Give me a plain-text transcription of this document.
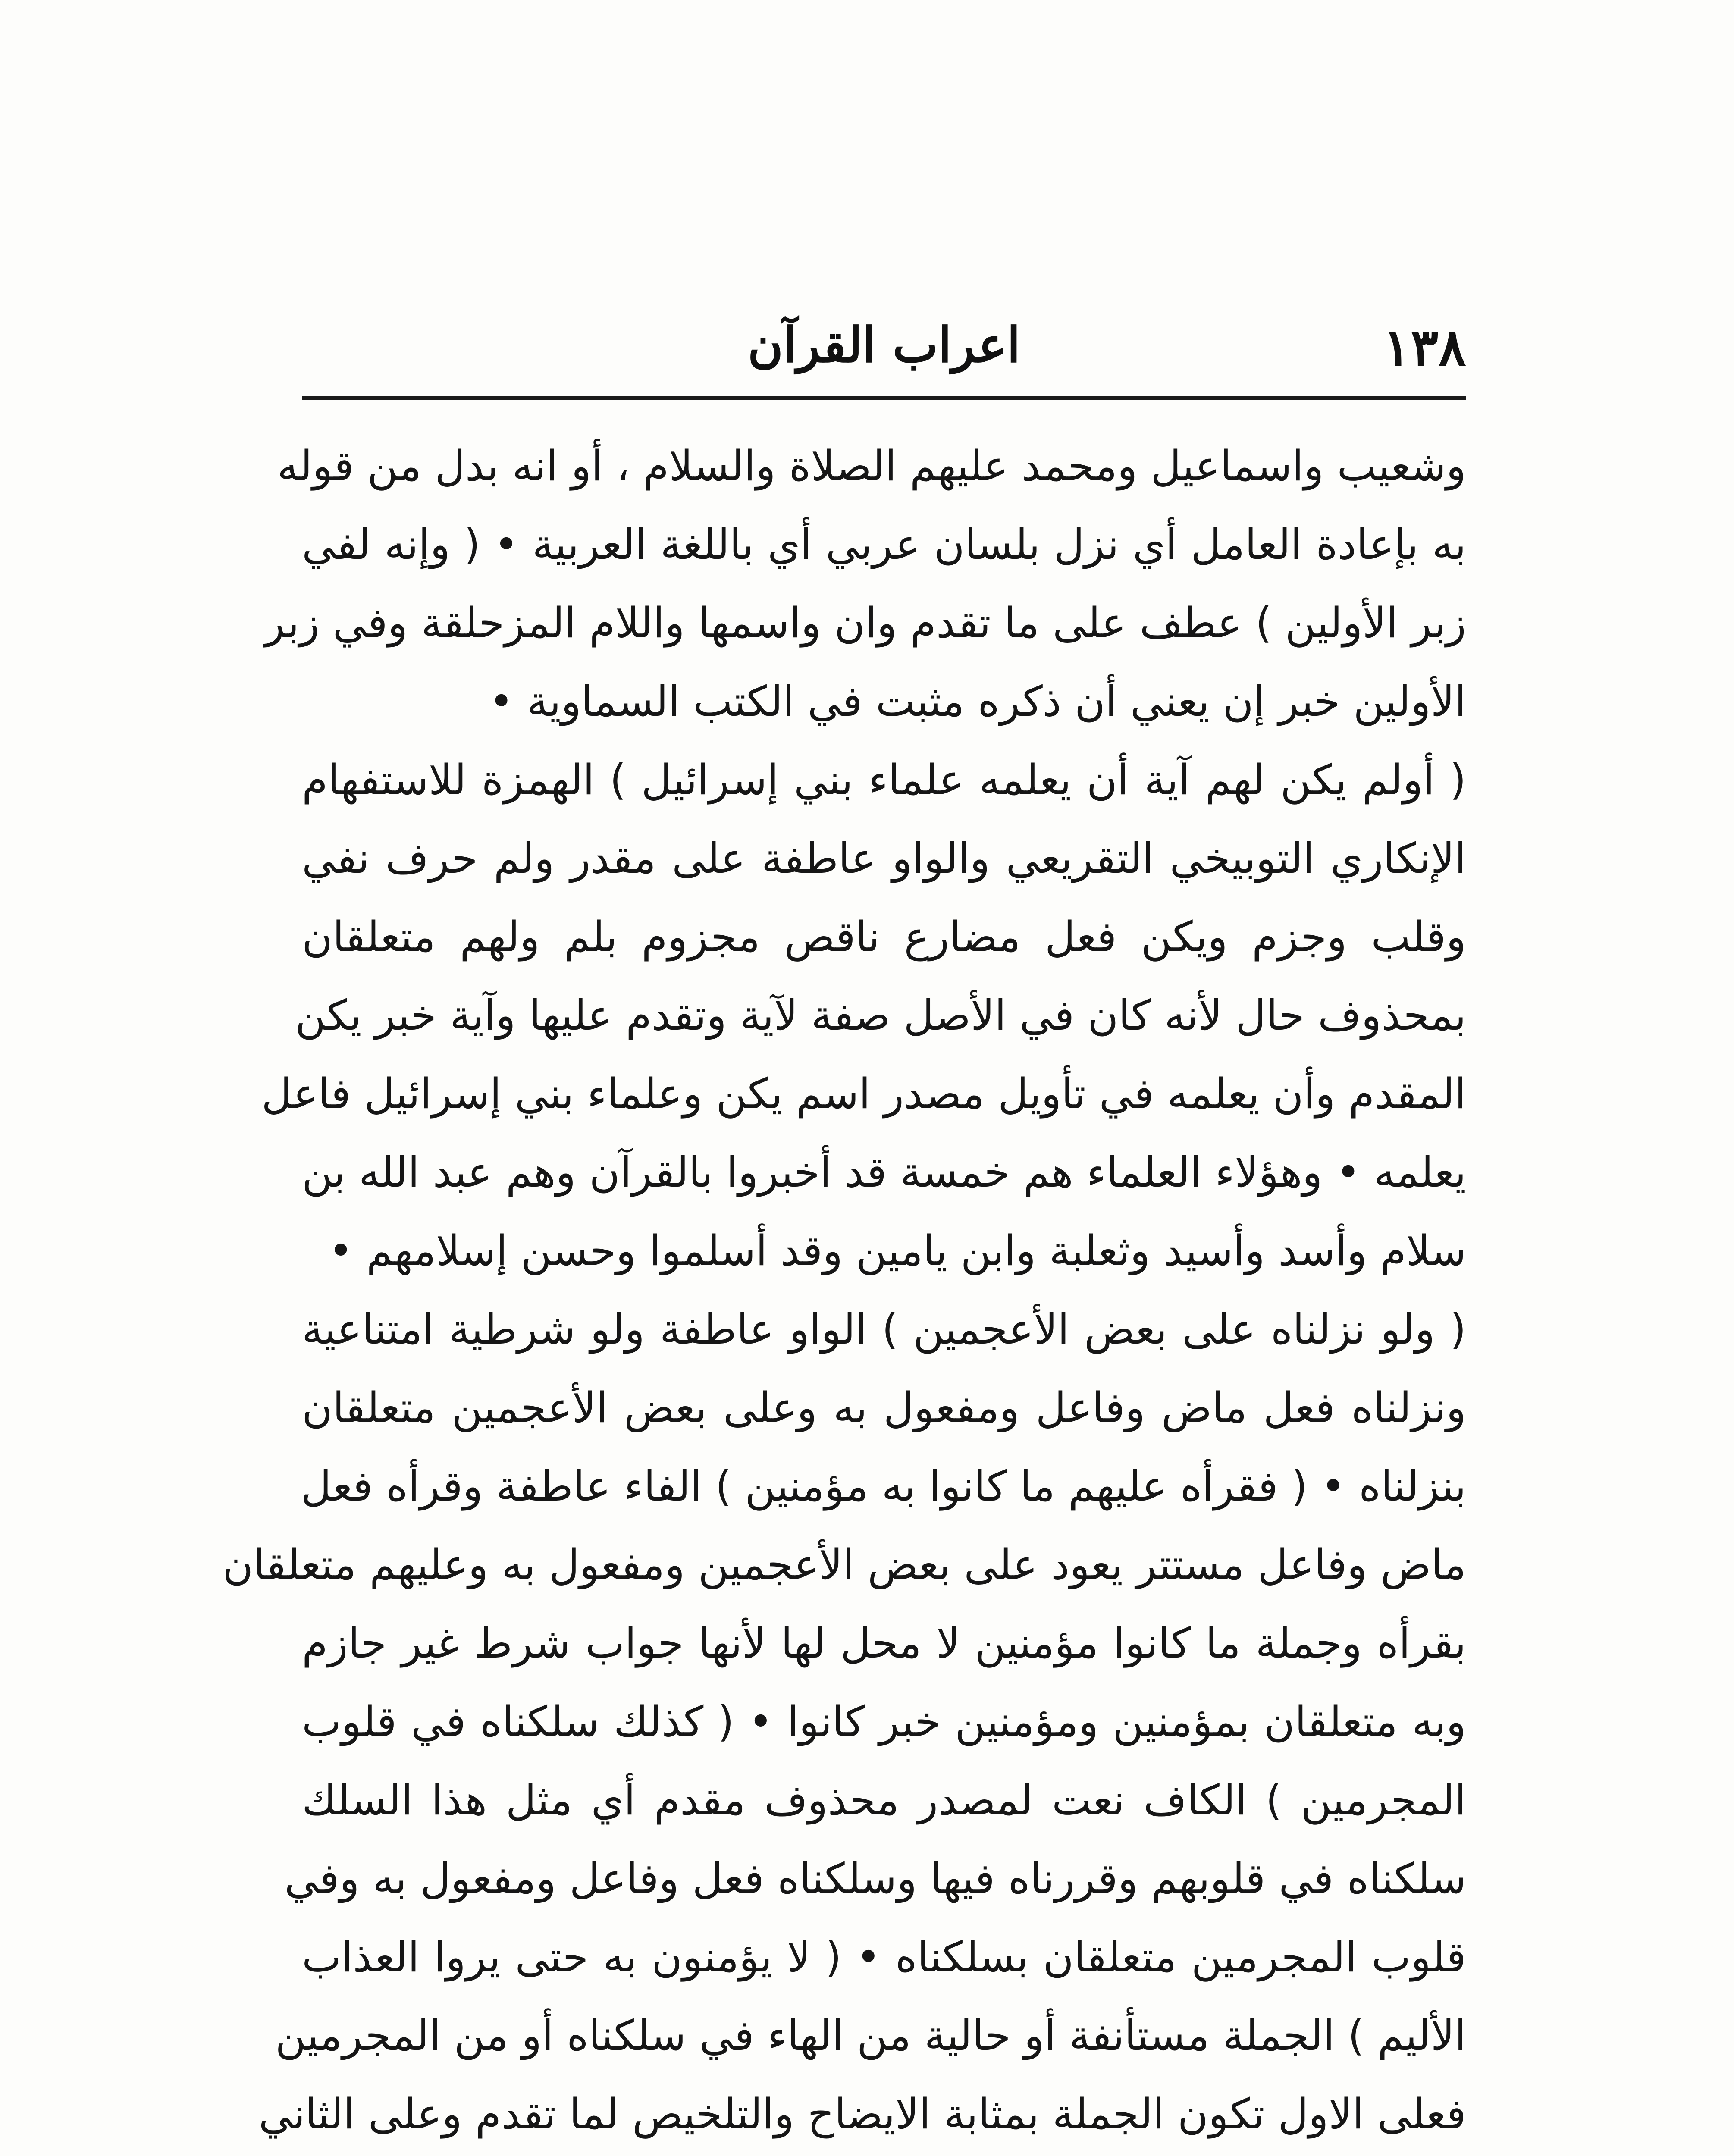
١٣٨
اعراب القرآن
وشعيب واسماعيل ومحمد عليهم الصلاة والسلام ، أو انه بدل من قوله
به بإعادة العامل أي نزل بلسان عربي أي باللغة العربية • ( وإنه لفي
زبر الأولين ) عطف على ما تقدم وان واسمها واللام المزحلقة وفي زبر
الأولين خبر إن يعني أن ذكره مثبت في الكتب السماوية •
( أولم يكن لهم آية أن يعلمه علماء بني إسرائيل ) الهمزة للاستفهام
الإنكاري التوبيخي التقريعي والواو عاطفة على مقدر ولم حرف نفي
وقلب وجزم ويكن فعل مضارع ناقص مجزوم بلم ولهم متعلقان
بمحذوف حال لأنه كان في الأصل صفة لآية وتقدم عليها وآية خبر يكن
المقدم وأن يعلمه في تأويل مصدر اسم يكن وعلماء بني إسرائيل فاعل
يعلمه • وهؤلاء العلماء هم خمسة قد أخبروا بالقرآن وهم عبد الله بن
سلام وأسد وأسيد وثعلبة وابن يامين وقد أسلموا وحسن إسلامهم •
( ولو نزلناه على بعض الأعجمين ) الواو عاطفة ولو شرطية امتناعية
ونزلناه فعل ماض وفاعل ومفعول به وعلى بعض الأعجمين متعلقان
بنزلناه • ( فقرأه عليهم ما كانوا به مؤمنين ) الفاء عاطفة وقرأه فعل
ماض وفاعل مستتر يعود على بعض الأعجمين ومفعول به وعليهم متعلقان
بقرأه وجملة ما كانوا مؤمنين لا محل لها لأنها جواب شرط غير جازم
وبه متعلقان بمؤمنين ومؤمنين خبر كانوا • ( كذلك سلكناه في قلوب
المجرمين ) الكاف نعت لمصدر محذوف مقدم أي مثل هذا السلك
سلكناه في قلوبهم وقررناه فيها وسلكناه فعل وفاعل ومفعول به وفي
قلوب المجرمين متعلقان بسلكناه • ( لا يؤمنون به حتى يروا العذاب
الأليم ) الجملة مستأنفة أو حالية من الهاء في سلكناه أو من المجرمين
فعلى الاول تكون الجملة بمثابة الايضاح والتلخيص لما تقدم وعلى الثاني
